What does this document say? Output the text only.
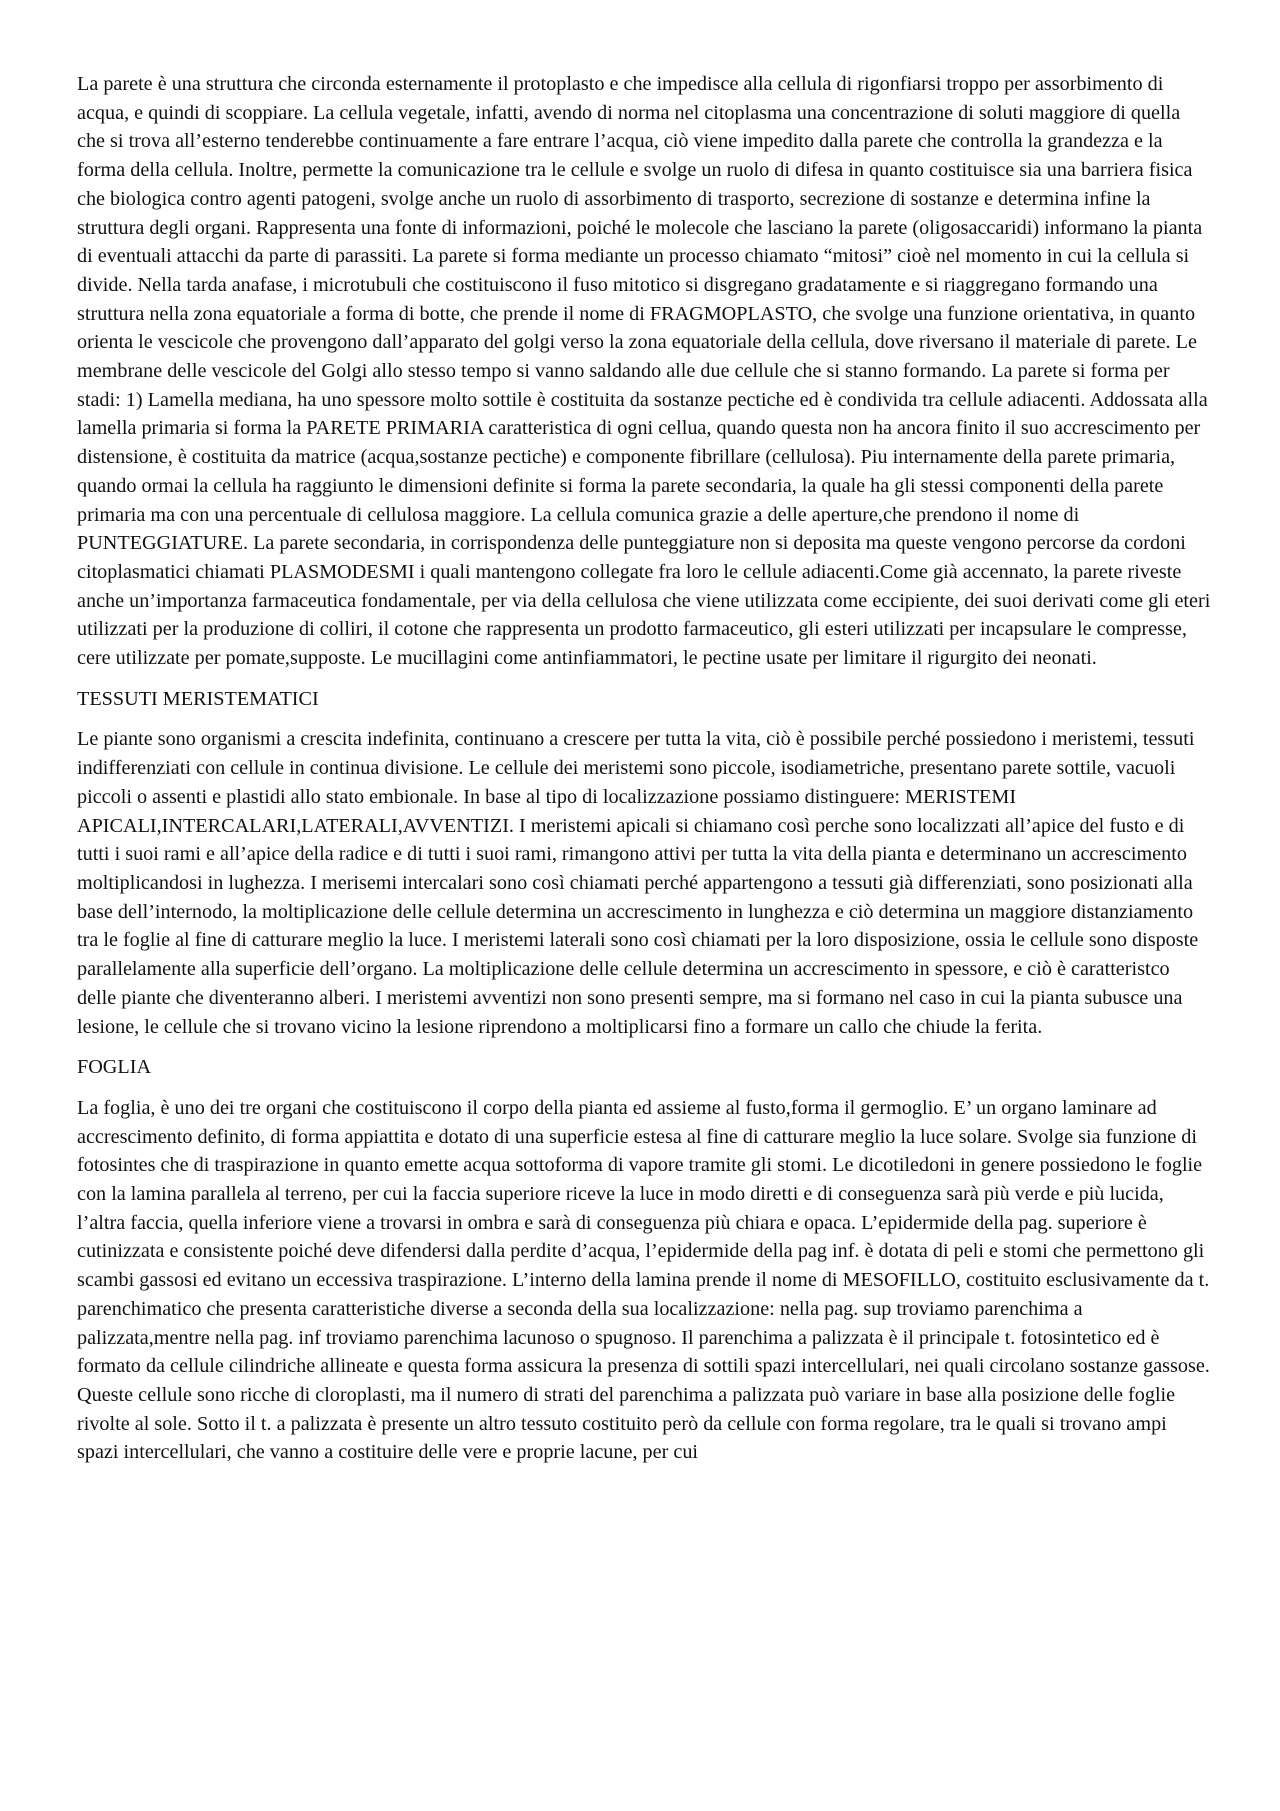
La parete è una struttura che circonda esternamente il protoplasto e che impedisce alla cellula di rigonfiarsi troppo per assorbimento di acqua, e quindi di scoppiare. La cellula vegetale, infatti, avendo di norma nel citoplasma una concentrazione di soluti maggiore di quella che si trova all’esterno tenderebbe continuamente a fare entrare l’acqua, ciò viene impedito dalla parete che controlla la grandezza e la forma della cellula. Inoltre, permette la comunicazione tra le cellule e svolge un ruolo di difesa in quanto costituisce sia una barriera fisica che biologica contro agenti patogeni, svolge anche un ruolo di assorbimento di trasporto, secrezione di sostanze e determina infine la struttura degli organi. Rappresenta una fonte di informazioni, poiché le molecole che lasciano la parete (oligosaccaridi) informano la pianta di eventuali attacchi da parte di parassiti. La parete si forma mediante un processo chiamato “mitosi” cioè nel momento in cui la cellula si divide. Nella tarda anafase, i microtubuli che costituiscono il fuso mitotico si disgregano gradatamente e si riaggregano formando una struttura nella zona equatoriale a forma di botte, che prende il nome di FRAGMOPLASTO, che svolge una funzione orientativa, in quanto orienta le vescicole che provengono dall’apparato del golgi verso la zona equatoriale della cellula, dove riversano il materiale di parete. Le membrane delle vescicole del Golgi allo stesso tempo si vanno saldando alle due cellule che si stanno formando. La parete si forma per stadi: 1) Lamella mediana, ha uno spessore molto sottile è costituita da sostanze pectiche ed è condivida tra cellule adiacenti. Addossata alla lamella primaria si forma la PARETE PRIMARIA caratteristica di ogni cellua, quando questa non ha ancora finito il suo accrescimento per distensione, è costituita da matrice (acqua,sostanze pectiche) e componente fibrillare (cellulosa). Piu internamente della parete primaria, quando ormai la cellula ha raggiunto le dimensioni definite si forma la parete secondaria, la quale ha gli stessi componenti della parete primaria ma con una percentuale di cellulosa maggiore. La cellula comunica grazie a delle aperture,che prendono il nome di PUNTEGGIATURE. La parete secondaria, in corrispondenza delle punteggiature non si deposita ma queste vengono percorse da cordoni citoplasmatici chiamati PLASMODESMI i quali mantengono collegate fra loro le cellule adiacenti.Come già accennato, la parete riveste anche un’importanza farmaceutica fondamentale, per via della cellulosa che viene utilizzata come eccipiente, dei suoi derivati come gli eteri utilizzati per la produzione di colliri, il cotone che rappresenta un prodotto farmaceutico, gli esteri utilizzati per incapsulare le compresse, cere utilizzate per pomate,supposte. Le mucillagini come antinfiammatori, le pectine usate per limitare il rigurgito dei neonati.

TESSUTI MERISTEMATICI

Le piante sono organismi a crescita indefinita, continuano a crescere per tutta la vita, ciò è possibile perché possiedono i meristemi, tessuti indifferenziati con cellule in continua divisione. Le cellule dei meristemi sono piccole, isodiametriche, presentano parete sottile, vacuoli piccoli o assenti e plastidi allo stato embionale. In base al tipo di localizzazione possiamo distinguere: MERISTEMI APICALI,INTERCALARI,LATERALI,AVVENTIZI. I meristemi apicali si chiamano così perche sono localizzati all’apice del fusto e di tutti i suoi rami e all’apice della radice e di tutti i suoi rami, rimangono attivi per tutta la vita della pianta e determinano un accrescimento moltiplicandosi in lughezza. I merisemi intercalari sono così chiamati perché appartengono a tessuti già differenziati, sono posizionati alla base dell’internodo, la moltiplicazione delle cellule determina un accrescimento in lunghezza e ciò determina un maggiore distanziamento tra le foglie al fine di catturare meglio la luce. I meristemi laterali sono così chiamati per la loro disposizione, ossia le cellule sono disposte parallelamente alla superficie dell’organo. La moltiplicazione delle cellule determina un accrescimento in spessore, e ciò è caratteristco delle piante che diventeranno alberi. I meristemi avventizi non sono presenti sempre, ma si formano nel caso in cui la pianta subusce una lesione, le cellule che si trovano vicino la lesione riprendono a moltiplicarsi fino a formare un callo che chiude la ferita.

FOGLIA

La foglia, è uno dei tre organi che costituiscono il corpo della pianta ed assieme al fusto,forma il germoglio. E’ un organo laminare ad accrescimento definito, di forma appiattita e dotato di una superficie estesa al fine di catturare meglio la luce solare. Svolge sia funzione di fotosintes che di traspirazione in quanto emette acqua sottoforma di vapore tramite gli stomi. Le dicotiledoni in genere possiedono le foglie con la lamina parallela al terreno, per cui la faccia superiore riceve la luce in modo diretti e di conseguenza sarà più verde e più lucida, l’altra faccia, quella inferiore viene a trovarsi in ombra e sarà di conseguenza più chiara e opaca. L’epidermide della pag. superiore è cutinizzata e consistente poiché deve difendersi dalla perdite d’acqua, l’epidermide della pag inf. è dotata di peli e stomi che permettono gli scambi gassosi ed evitano un eccessiva traspirazione. L’interno della lamina prende il nome di MESOFILLO, costituito esclusivamente da t. parenchimatico che presenta caratteristiche diverse a seconda della sua localizzazione: nella pag. sup troviamo parenchima a palizzata,mentre nella pag. inf troviamo parenchima lacunoso o spugnoso. Il parenchima a palizzata è il principale t. fotosintetico ed è formato da cellule cilindriche allineate e questa forma assicura la presenza di sottili spazi intercellulari, nei quali circolano sostanze gassose. Queste cellule sono ricche di cloroplasti, ma il numero di strati del parenchima a palizzata può variare in base alla posizione delle foglie rivolte al sole. Sotto il t. a palizzata è presente un altro tessuto costituito però da cellule con forma regolare, tra le quali si trovano ampi spazi intercellulari, che vanno a costituire delle vere e proprie lacune, per cui
